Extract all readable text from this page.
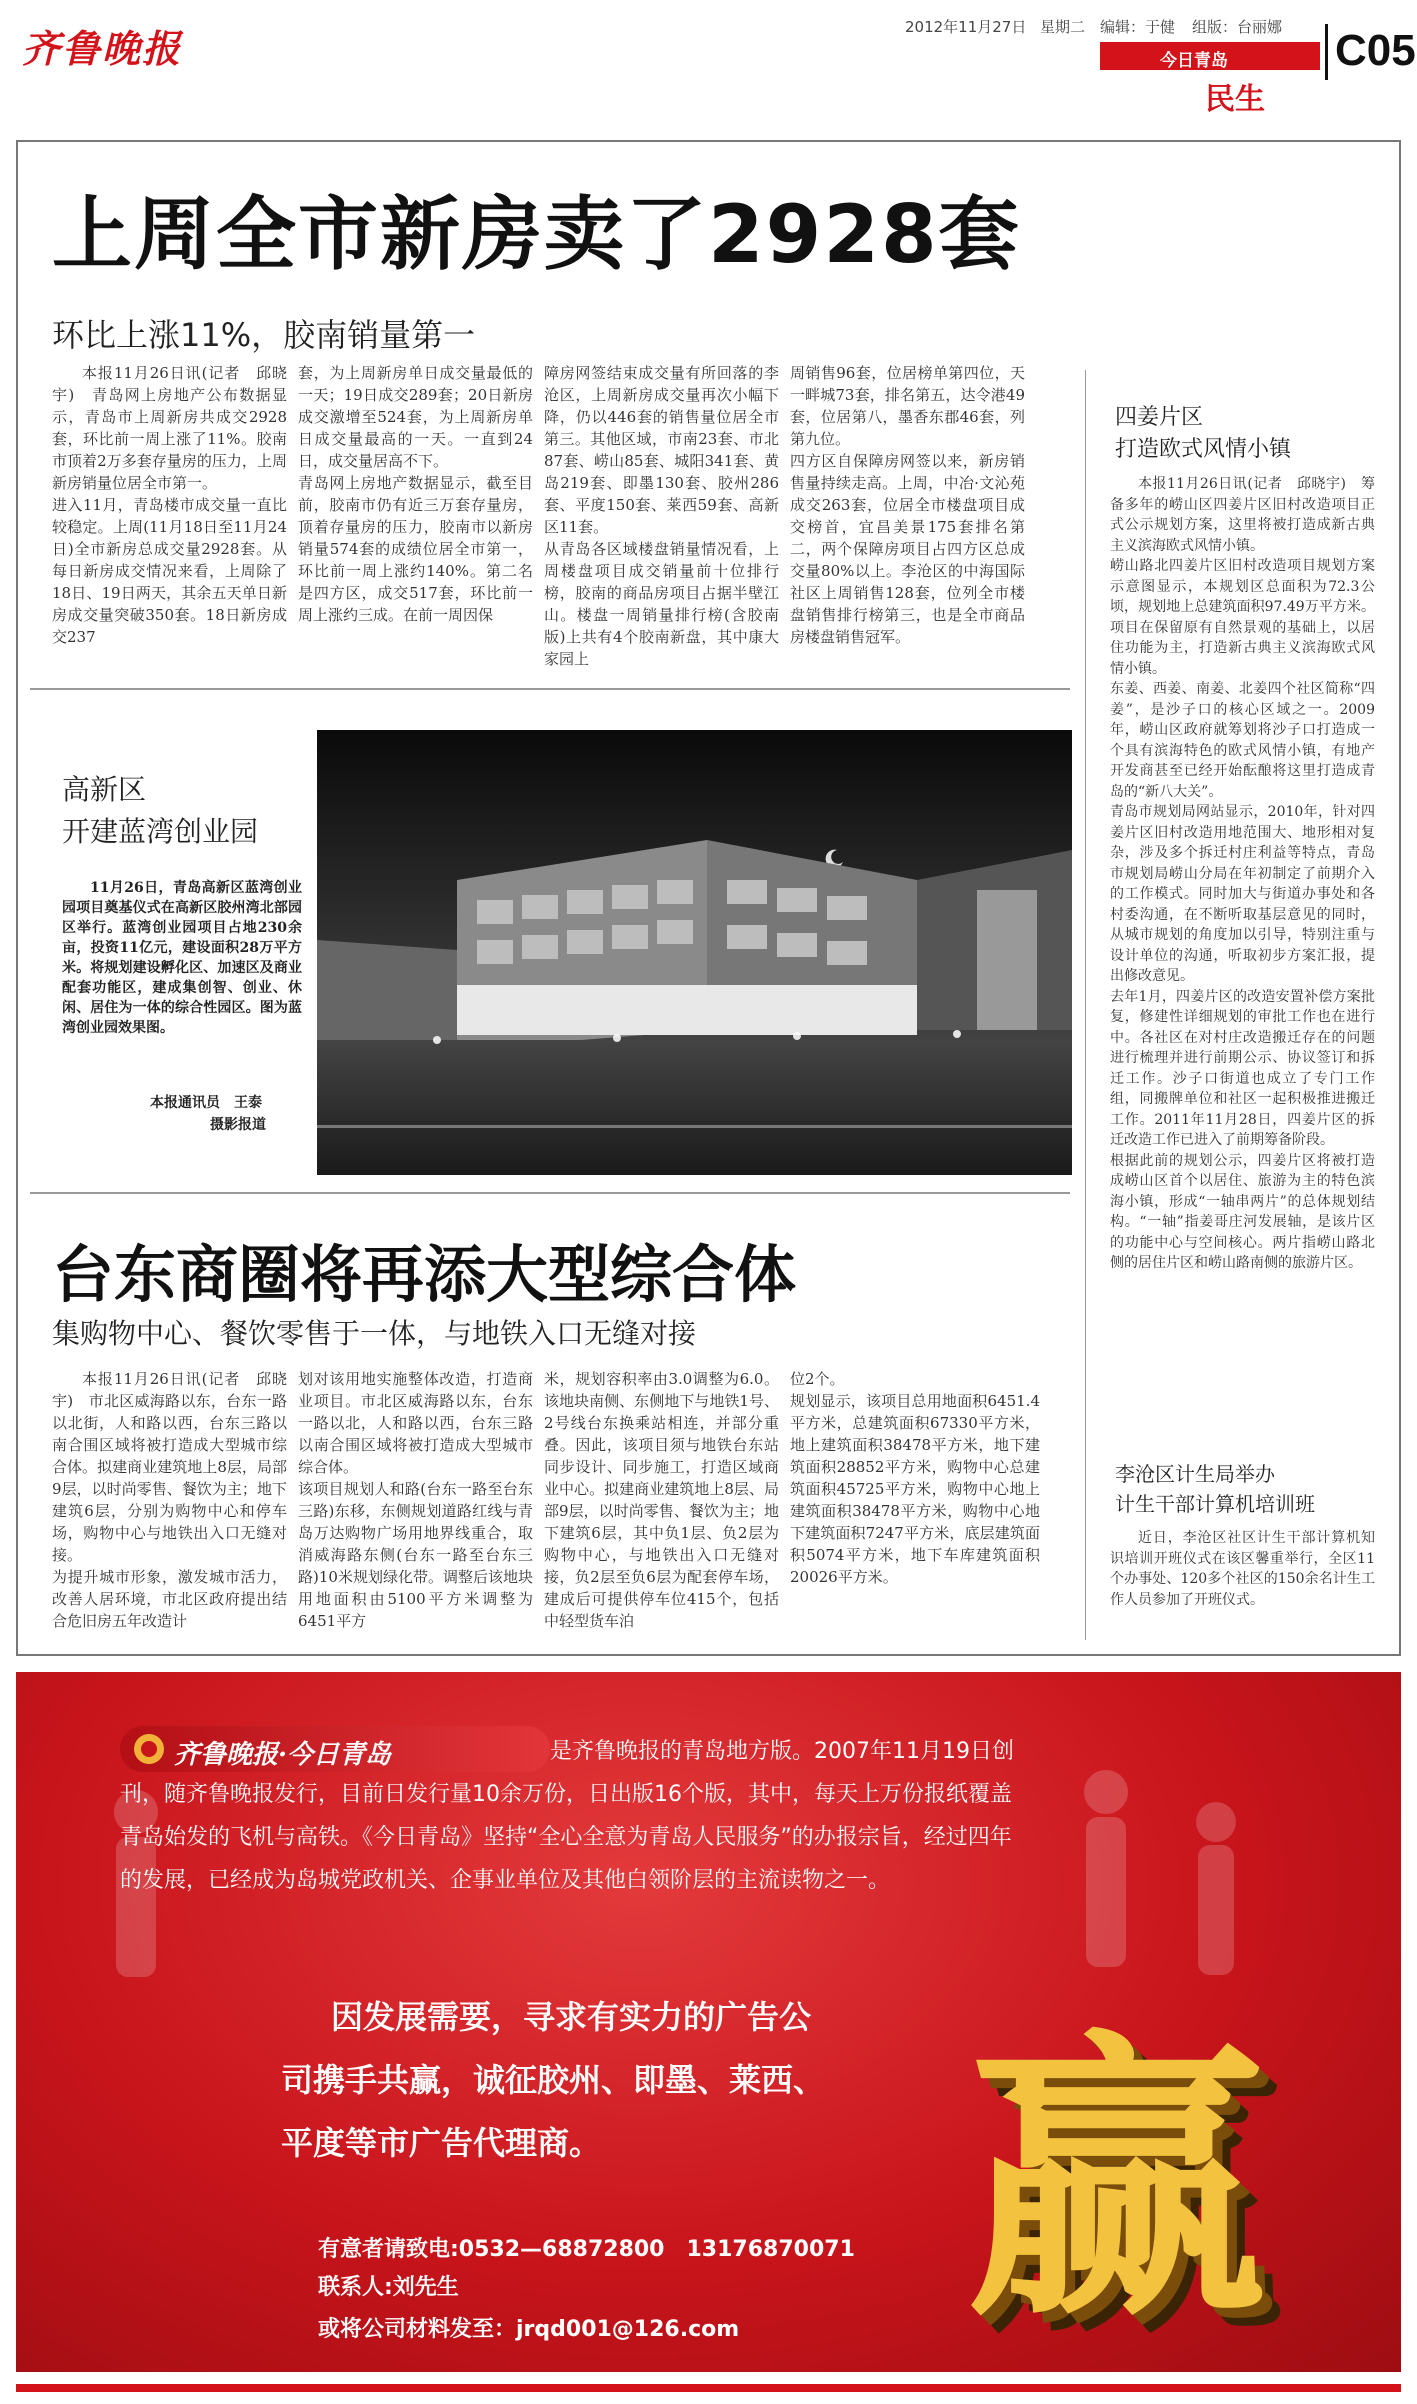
齐鲁晚报	2012年11月27日 星期二 编辑：于健 组版：台丽娜
今日青岛
民生
C05
上周全市新房卖了2928套
环比上涨11%，胶南销量第一
本报11月26日讯(记者　邱晓宇)　青岛网上房地产公布数据显示，青岛市上周新房共成交2928套，环比前一周上涨了11%。胶南市顶着2万多套存量房的压力，上周新房销量位居全市第一。
进入11月，青岛楼市成交量一直比较稳定。上周(11月18日至11月24日)全市新房总成交量2928套。从每日新房成交情况来看，上周除了18日、19日两天，其余五天单日新房成交量突破350套。18日新房成交237
套，为上周新房单日成交量最低的一天；19日成交289套；20日新房成交激增至524套，为上周新房单日成交量最高的一天。一直到24日，成交量居高不下。
青岛网上房地产数据显示，截至目前，胶南市仍有近三万套存量房，顶着存量房的压力，胶南市以新房销量574套的成绩位居全市第一，环比前一周上涨约140%。第二名是四方区，成交517套，环比前一周上涨约三成。在前一周因保
障房网签结束成交量有所回落的李沧区，上周新房成交量再次小幅下降，仍以446套的销售量位居全市第三。其他区域，市南23套、市北87套、崂山85套、城阳341套、黄岛219套、即墨130套、胶州286套、平度150套、莱西59套、高新区11套。
从青岛各区域楼盘销量情况看，上周楼盘项目成交销量前十位排行榜，胶南的商品房项目占据半壁江山。楼盘一周销量排行榜(含胶南版)上共有4个胶南新盘，其中康大家园上
周销售96套，位居榜单第四位，天一畔城73套，排名第五，达令港49套，位居第八，墨香东郡46套，列第九位。
四方区自保障房网签以来，新房销售量持续走高。上周，中冶·文沁苑成交263套，位居全市楼盘项目成交榜首，宜昌美景175套排名第二，两个保障房项目占四方区总成交量80%以上。李沧区的中海国际社区上周销售128套，位列全市楼盘销售排行榜第三，也是全市商品房楼盘销售冠军。
高新区
开建蓝湾创业园
11月26日，青岛高新区蓝湾创业园项目奠基仪式在高新区胶州湾北部园区举行。蓝湾创业园项目占地230余亩，投资11亿元，建设面积28万平方米。将规划建设孵化区、加速区及商业配套功能区，建成集创智、创业、休闲、居住为一体的综合性园区。图为蓝湾创业园效果图。
本报通讯员　王泰
摄影报道
台东商圈将再添大型综合体
集购物中心、餐饮零售于一体，与地铁入口无缝对接
本报11月26日讯(记者　邱晓宇)　市北区威海路以东，台东一路以北街，人和路以西，台东三路以南合围区域将被打造成大型城市综合体。拟建商业建筑地上8层，局部9层，以时尚零售、餐饮为主；地下建筑6层，分别为购物中心和停车场，购物中心与地铁出入口无缝对接。
为提升城市形象，激发城市活力，改善人居环境，市北区政府提出结合危旧房五年改造计
划对该用地实施整体改造，打造商业项目。市北区威海路以东，台东一路以北，人和路以西，台东三路以南合围区域将被打造成大型城市综合体。
该项目规划人和路(台东一路至台东三路)东移，东侧规划道路红线与青岛万达购物广场用地界线重合，取消威海路东侧(台东一路至台东三路)10米规划绿化带。调整后该地块用地面积由5100平方米调整为6451平方
米，规划容积率由3.0调整为6.0。该地块南侧、东侧地下与地铁1号、2号线台东换乘站相连，并部分重叠。因此，该项目须与地铁台东站同步设计、同步施工，打造区域商业中心。拟建商业建筑地上8层、局部9层，以时尚零售、餐饮为主；地下建筑6层，其中负1层、负2层为购物中心，与地铁出入口无缝对接，负2层至负6层为配套停车场，建成后可提供停车位415个，包括中轻型货车泊
位2个。
规划显示，该项目总用地面积6451.4平方米，总建筑面积67330平方米，地上建筑面积38478平方米，地下建筑面积28852平方米，购物中心总建筑面积45725平方米，购物中心地上建筑面积38478平方米，购物中心地下建筑面积7247平方米，底层建筑面积5074平方米，地下车库建筑面积20026平方米。
四姜片区
打造欧式风情小镇
本报11月26日讯(记者　邱晓宇)　筹备多年的崂山区四姜片区旧村改造项目正式公示规划方案，这里将被打造成新古典主义滨海欧式风情小镇。
崂山路北四姜片区旧村改造项目规划方案示意图显示，本规划区总面积为72.3公顷，规划地上总建筑面积97.49万平方米。项目在保留原有自然景观的基础上，以居住功能为主，打造新古典主义滨海欧式风情小镇。
东姜、西姜、南姜、北姜四个社区简称“四姜”，是沙子口的核心区域之一。2009年，崂山区政府就筹划将沙子口打造成一个具有滨海特色的欧式风情小镇，有地产开发商甚至已经开始酝酿将这里打造成青岛的“新八大关”。
青岛市规划局网站显示，2010年，针对四姜片区旧村改造用地范围大、地形相对复杂，涉及多个拆迁村庄利益等特点，青岛市规划局崂山分局在年初制定了前期介入的工作模式。同时加大与街道办事处和各村委沟通，在不断听取基层意见的同时，从城市规划的角度加以引导，特别注重与设计单位的沟通，听取初步方案汇报，提出修改意见。
去年1月，四姜片区的改造安置补偿方案批复，修建性详细规划的审批工作也在进行中。各社区在对村庄改造搬迁存在的问题进行梳理并进行前期公示、协议签订和拆迁工作。沙子口街道也成立了专门工作组，同搬牌单位和社区一起积极推进搬迁工作。2011年11月28日，四姜片区的拆迁改造工作已进入了前期筹备阶段。
根据此前的规划公示，四姜片区将被打造成崂山区首个以居住、旅游为主的特色滨海小镇，形成“一轴串两片”的总体规划结构。“一轴”指姜哥庄河发展轴，是该片区的功能中心与空间核心。两片指崂山路北侧的居住片区和崂山路南侧的旅游片区。
李沧区计生局举办
计生干部计算机培训班
近日，李沧区社区计生干部计算机知识培训开班仪式在该区馨重举行，全区11个办事处、120多个社区的150余名计生工作人员参加了开班仪式。
齐鲁晚报·今日青岛	是齐鲁晚报的青岛地方版。2007年11月19日创刊，随齐鲁晚报发行，目前日发行量10余万份，日出版16个版，其中，每天上万份报纸覆盖青岛始发的飞机与高铁。《今日青岛》坚持“全心全意为青岛人民服务”的办报宗旨，经过四年的发展，已经成为岛城党政机关、企事业单位及其他白领阶层的主流读物之一。
因发展需要，寻求有实力的广告公
司携手共赢，诚征胶州、即墨、莱西、
平度等市广告代理商。
有意者请致电:0532—68872800　13176870071
联系人:刘先生
或将公司材料发至：jrqd001@126.com 赢
